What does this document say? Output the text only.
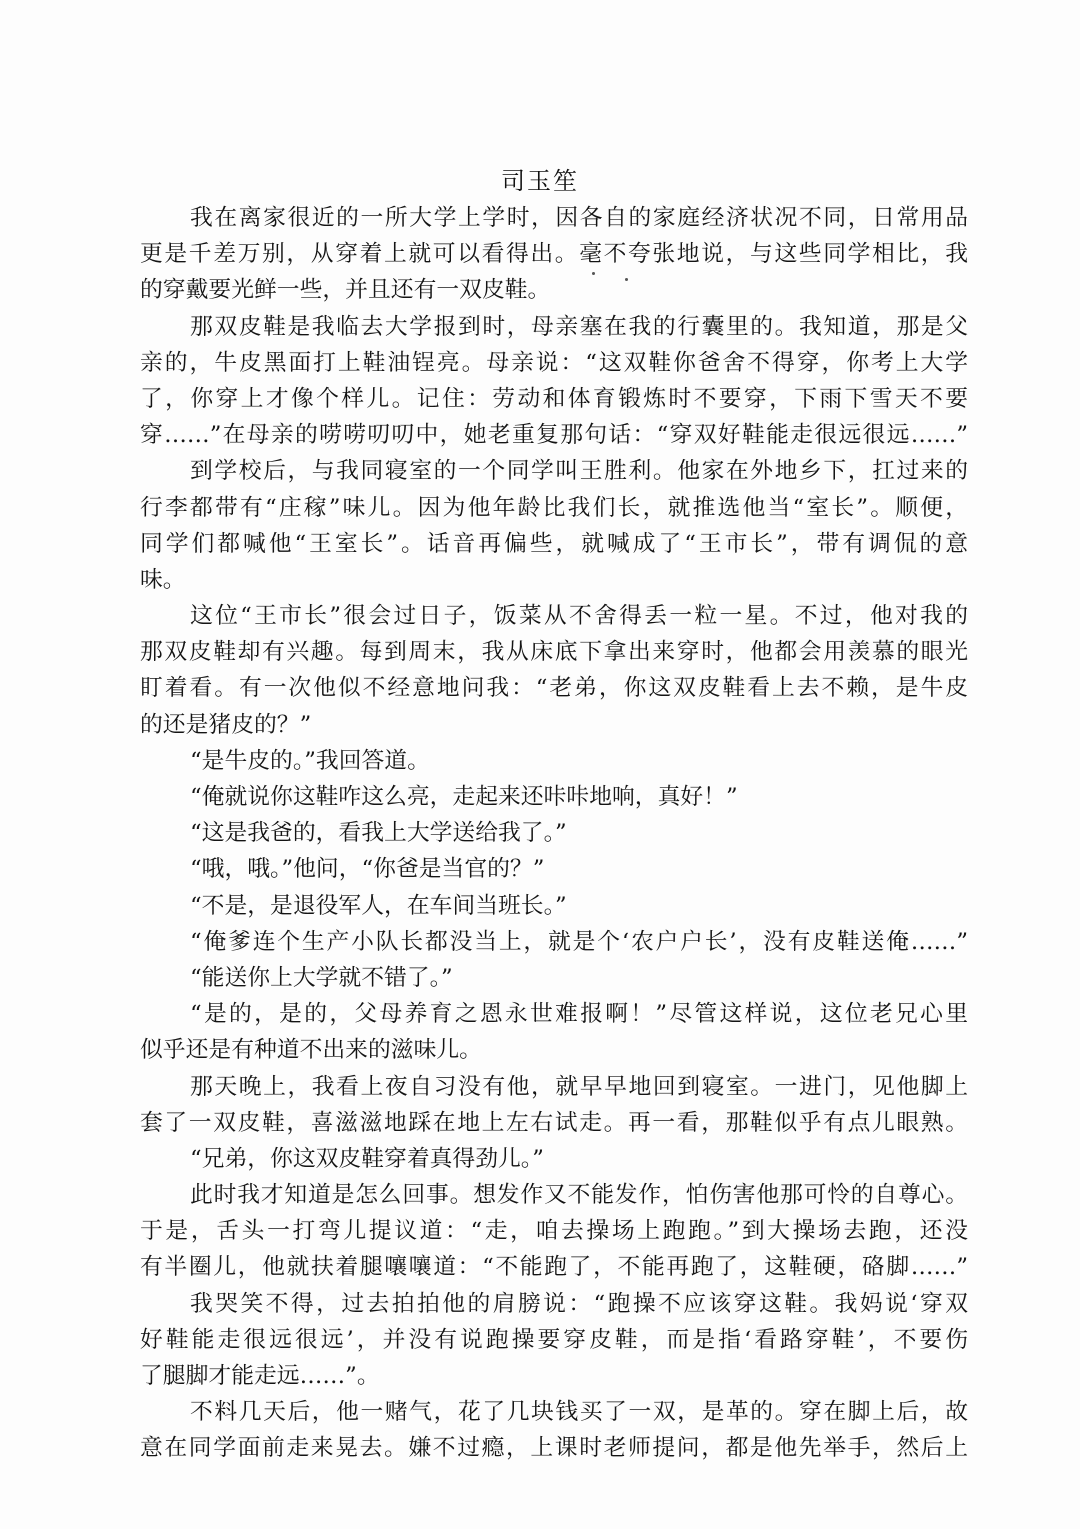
司玉笙
我在离家很近的一所大学上学时，因各自的家庭经济状况不同，日常用品
更是千差万别，从穿着上就可以看得出。毫不夸张地说，与这些同学相比，我
的穿戴要光鲜一些，并且还有一双皮鞋。
那双皮鞋是我临去大学报到时，母亲塞在我的行囊里的。我知道，那是父
亲的，牛皮黑面打上鞋油锃亮。母亲说：“这双鞋你爸舍不得穿，你考上大学
了，你穿上才像个样儿。记住：劳动和体育锻炼时不要穿，下雨下雪天不要
穿……”在母亲的唠唠叨叨中，她老重复那句话：“穿双好鞋能走很远很远……”
到学校后，与我同寝室的一个同学叫王胜利。他家在外地乡下，扛过来的
行李都带有“庄稼”味儿。因为他年龄比我们长，就推选他当“室长”。顺便，
同学们都喊他“王室长”。话音再偏些，就喊成了“王市长”，带有调侃的意
味。
这位“王市长”很会过日子，饭菜从不舍得丢一粒一星。不过，他对我的
那双皮鞋却有兴趣。每到周末，我从床底下拿出来穿时，他都会用羡慕的眼光
盯着看。有一次他似不经意地问我：“老弟，你这双皮鞋看上去不赖，是牛皮
的还是猪皮的？”
“是牛皮的。”我回答道。
“俺就说你这鞋咋这么亮，走起来还咔咔地响，真好！”
“这是我爸的，看我上大学送给我了。”
“哦，哦。”他问，“你爸是当官的？”
“不是，是退役军人，在车间当班长。”
“俺爹连个生产小队长都没当上，就是个‘农户户长’，没有皮鞋送俺……”
“能送你上大学就不错了。”
“是的，是的，父母养育之恩永世难报啊！”尽管这样说，这位老兄心里
似乎还是有种道不出来的滋味儿。
那天晚上，我看上夜自习没有他，就早早地回到寝室。一进门，见他脚上
套了一双皮鞋，喜滋滋地踩在地上左右试走。再一看，那鞋似乎有点儿眼熟。
“兄弟，你这双皮鞋穿着真得劲儿。”
此时我才知道是怎么回事。想发作又不能发作，怕伤害他那可怜的自尊心。
于是，舌头一打弯儿提议道：“走，咱去操场上跑跑。”到大操场去跑，还没
有半圈儿，他就扶着腿嚷嚷道：“不能跑了，不能再跑了，这鞋硬，硌脚……”
我哭笑不得，过去拍拍他的肩膀说：“跑操不应该穿这鞋。我妈说‘穿双
好鞋能走很远很远’，并没有说跑操要穿皮鞋，而是指‘看路穿鞋’，不要伤
了腿脚才能走远……”。
不料几天后，他一赌气，花了几块钱买了一双，是革的。穿在脚上后，故
意在同学面前走来晃去。嫌不过瘾，上课时老师提问，都是他先举手，然后上
